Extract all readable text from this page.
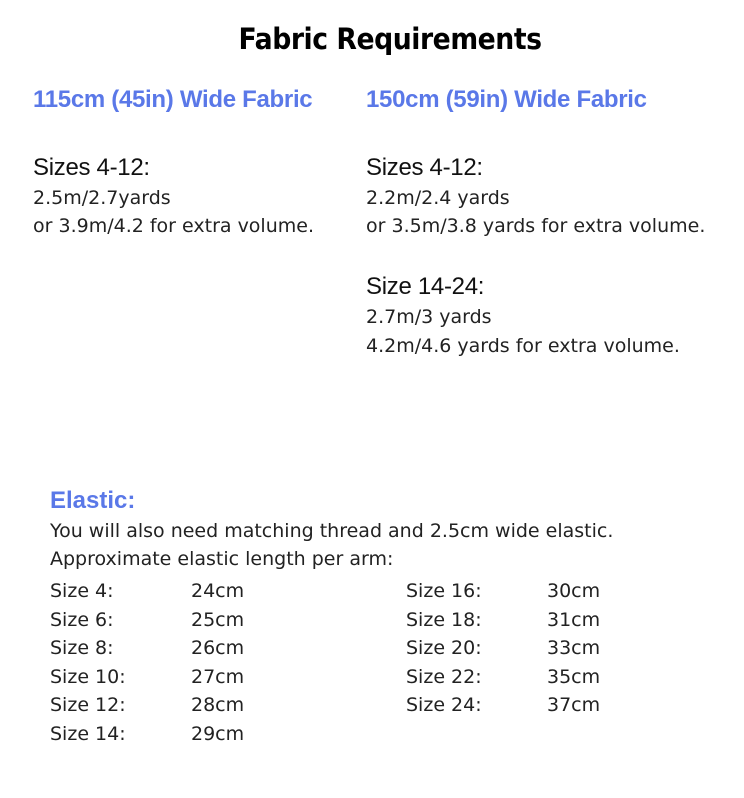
Fabric Requirements
115cm (45in) Wide Fabric
Sizes 4-12:
2.5m/2.7yards
or 3.9m/4.2 for extra volume.
150cm (59in) Wide Fabric
Sizes 4-12:
2.2m/2.4 yards
or 3.5m/3.8 yards for extra volume.
Size 14-24:
2.7m/3 yards
4.2m/4.6 yards for extra volume.
Elastic:
You will also need matching thread and 2.5cm wide elastic.
Approximate elastic length per arm:
Size 4:	24cm
Size 6:	25cm
Size 8:	26cm
Size 10:	27cm
Size 12:	28cm
Size 14:	29cm
Size 16:	30cm
Size 18:	31cm
Size 20:	33cm
Size 22:	35cm
Size 24:	37cm
